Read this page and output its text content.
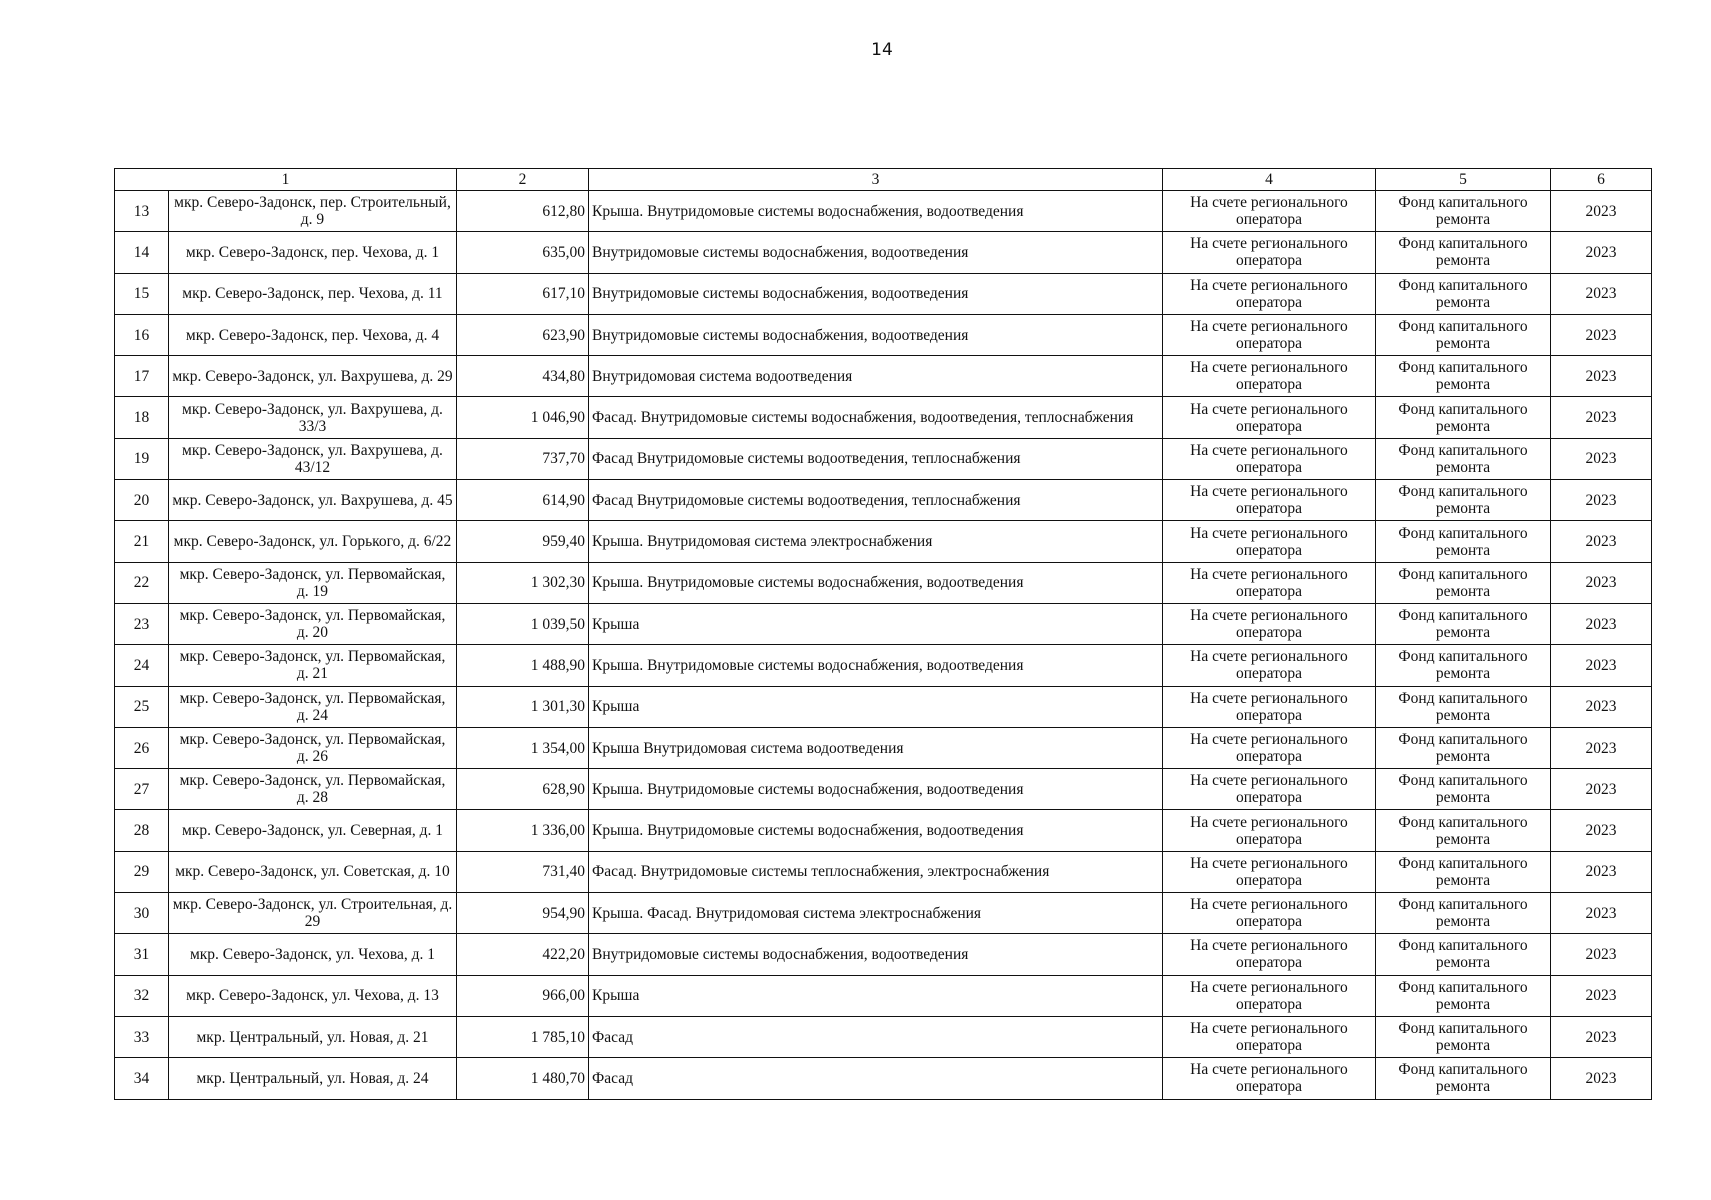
14
1		2	3	4	5	6
13	мкр. Северо-Задонск, пер. Строительный, д. 9	612,80	Крыша. Внутридомовые системы водоснабжения, водоотведения	На счете регионального оператора	Фонд капитального ремонта	2023
14	мкр. Северо-Задонск, пер. Чехова, д. 1	635,00	Внутридомовые системы водоснабжения, водоотведения	На счете регионального оператора	Фонд капитального ремонта	2023
15	мкр. Северо-Задонск, пер. Чехова, д. 11	617,10	Внутридомовые системы водоснабжения, водоотведения	На счете регионального оператора	Фонд капитального ремонта	2023
16	мкр. Северо-Задонск, пер. Чехова, д. 4	623,90	Внутридомовые системы водоснабжения, водоотведения	На счете регионального оператора	Фонд капитального ремонта	2023
17	мкр. Северо-Задонск, ул. Вахрушева, д. 29	434,80	Внутридомовая система водоотведения	На счете регионального оператора	Фонд капитального ремонта	2023
18	мкр. Северо-Задонск, ул. Вахрушева, д. 33/3	1 046,90	Фасад. Внутридомовые системы водоснабжения, водоотведения, теплоснабжения	На счете регионального оператора	Фонд капитального ремонта	2023
19	мкр. Северо-Задонск, ул. Вахрушева, д. 43/12	737,70	Фасад Внутридомовые системы водоотведения, теплоснабжения	На счете регионального оператора	Фонд капитального ремонта	2023
20	мкр. Северо-Задонск, ул. Вахрушева, д. 45	614,90	Фасад Внутридомовые системы водоотведения, теплоснабжения	На счете регионального оператора	Фонд капитального ремонта	2023
21	мкр. Северо-Задонск, ул. Горького, д. 6/22	959,40	Крыша. Внутридомовая система электроснабжения	На счете регионального оператора	Фонд капитального ремонта	2023
22	мкр. Северо-Задонск, ул. Первомайская, д. 19	1 302,30	Крыша. Внутридомовые системы водоснабжения, водоотведения	На счете регионального оператора	Фонд капитального ремонта	2023
23	мкр. Северо-Задонск, ул. Первомайская, д. 20	1 039,50	Крыша	На счете регионального оператора	Фонд капитального ремонта	2023
24	мкр. Северо-Задонск, ул. Первомайская, д. 21	1 488,90	Крыша. Внутридомовые системы водоснабжения, водоотведения	На счете регионального оператора	Фонд капитального ремонта	2023
25	мкр. Северо-Задонск, ул. Первомайская, д. 24	1 301,30	Крыша	На счете регионального оператора	Фонд капитального ремонта	2023
26	мкр. Северо-Задонск, ул. Первомайская, д. 26	1 354,00	Крыша Внутридомовая система водоотведения	На счете регионального оператора	Фонд капитального ремонта	2023
27	мкр. Северо-Задонск, ул. Первомайская, д. 28	628,90	Крыша. Внутридомовые системы водоснабжения, водоотведения	На счете регионального оператора	Фонд капитального ремонта	2023
28	мкр. Северо-Задонск, ул. Северная, д. 1	1 336,00	Крыша. Внутридомовые системы водоснабжения, водоотведения	На счете регионального оператора	Фонд капитального ремонта	2023
29	мкр. Северо-Задонск, ул. Советская, д. 10	731,40	Фасад. Внутридомовые системы теплоснабжения, электроснабжения	На счете регионального оператора	Фонд капитального ремонта	2023
30	мкр. Северо-Задонск, ул. Строительная, д. 29	954,90	Крыша. Фасад. Внутридомовая система электроснабжения	На счете регионального оператора	Фонд капитального ремонта	2023
31	мкр. Северо-Задонск, ул. Чехова, д. 1	422,20	Внутридомовые системы водоснабжения, водоотведения	На счете регионального оператора	Фонд капитального ремонта	2023
32	мкр. Северо-Задонск, ул. Чехова, д. 13	966,00	Крыша	На счете регионального оператора	Фонд капитального ремонта	2023
33	мкр. Центральный, ул. Новая, д. 21	1 785,10	Фасад	На счете регионального оператора	Фонд капитального ремонта	2023
34	мкр. Центральный, ул. Новая, д. 24	1 480,70	Фасад	На счете регионального оператора	Фонд капитального ремонта	2023
